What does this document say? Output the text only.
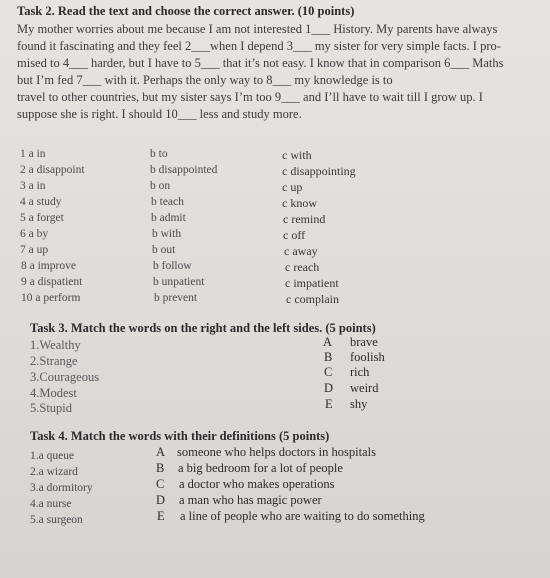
Task 2. Read the text and choose the correct answer. (10 points)
My mother worries about me because I am not interested 1___ History. My parents have always
found it fascinating and they feel 2___when I depend 3___ my sister for very simple facts. I pro-
mised to 4___ harder, but I have to 5___ that it’s not easy. I know that in comparison 6___ Maths
but I’m fed 7___ with it. Perhaps the only way to 8___ my knowledge is to
travel to other countries, but my sister says I’m too 9___ and I’ll have to wait till I grow up. I
suppose she is right. I should 10___ less and study more.
1 a in	b to	c with
2 a disappoint	b disappointed	c disappointing
3 a in	b on	c up
4 a study	b teach	c know
5 a forget	b admit	c remind
6 a by	b with	c off
7 a up	b out	c away
8 a improve	b follow	c reach
9 a dispatient	b unpatient	c impatient
10 a perform	b prevent	c complain
Task 3. Match the words on the right and the left sides. (5 points)
1.Wealthy	A brave
2.Strange	B foolish
3.Courageous	C rich
4.Modest	D weird
5.Stupid	E shy
Task 4. Match the words with their definitions (5 points)
1.a queue	A someone who helps doctors in hospitals
2.a wizard	B a big bedroom for a lot of people
3.a dormitory	C a doctor who makes operations
4.a nurse	D a man who has magic power
5.a surgeon	E a line of people who are waiting to do something
